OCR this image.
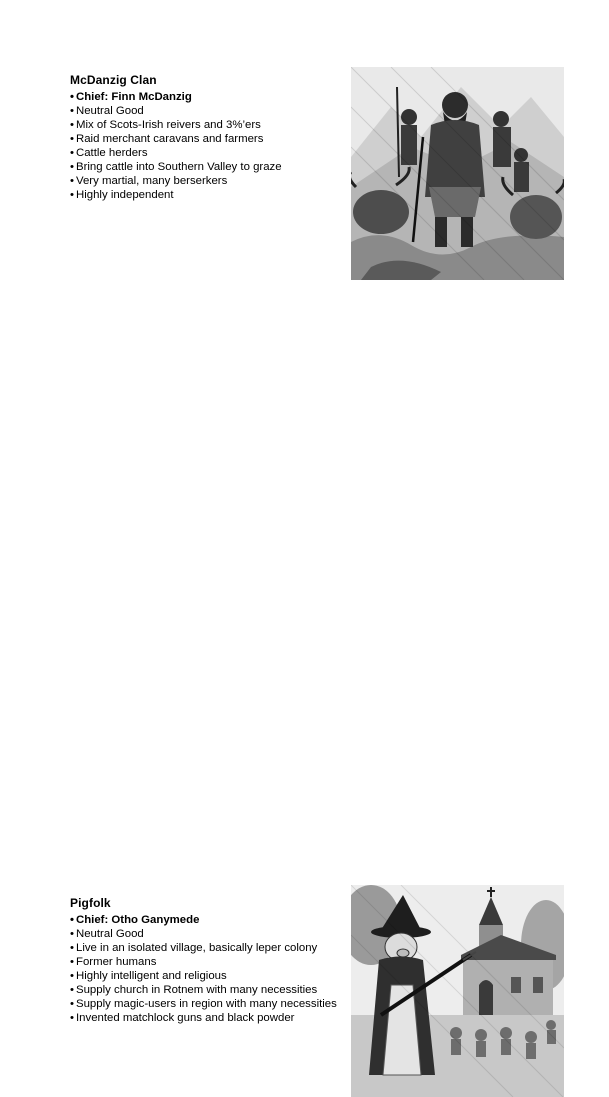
McDanzig Clan
• Chief: Finn McDanzig
• Neutral Good
• Mix of Scots-Irish reivers and 3%’ers
• Raid merchant caravans and farmers
• Cattle herders
• Bring cattle into Southern Valley to graze
• Very martial, many berserkers
• Highly independent
Pigfolk
• Chief: Otho Ganymede
• Neutral Good
• Live in an isolated village, basically leper colony
• Former humans
• Highly intelligent and religious
• Supply church in Rotnem with many necessities
• Supply magic-users in region with many necessities
• Invented matchlock guns and black powder
